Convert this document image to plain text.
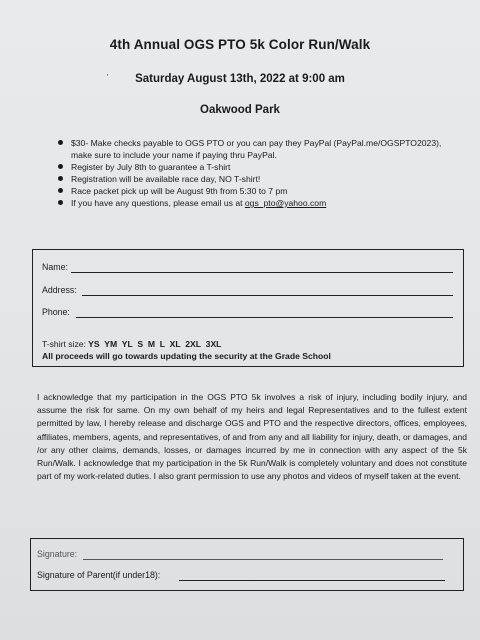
4th Annual OGS PTO 5k Color Run/Walk
ˏ
Saturday August 13th, 2022 at 9:00 am
Oakwood Park
$30- Make checks payable to OGS PTO or you can pay they PayPal (PayPal.me/OGSPTO2023), make sure to include your name if paying thru PayPal.
Register by July 8th to guarantee a T-shirt
Registration will be available race day, NO T-shirt!
Race packet pick up will be August 9th from 5:30 to 7 pm
If you have any questions, please email us at ogs_pto@yahoo.com
Name:
Address:
Phone:
T-shirt size: YS  YM  YL  S  M  L  XL  2XL  3XL
All proceeds will go towards updating the security at the Grade School
I acknowledge that my participation in the OGS PTO 5k involves a risk of injury, including bodily injury, and assume the risk for same. On my own behalf of my heirs and legal Representatives and to the fullest extent permitted by law, I hereby release and discharge OGS and PTO and the respective directors, offices, employees, affiliates, members, agents, and representatives, of and from any and all liability for injury, death, or damages, and /or any other claims, demands, losses, or damages incurred by me in connection with any aspect of the 5k Run/Walk. I acknowledge that my participation in the 5k Run/Walk is completely voluntary and does not constitute part of my work-related duties. I also grant permission to use any photos and videos of myself taken at the event.
Signature:
Signature of Parent(if under18):
